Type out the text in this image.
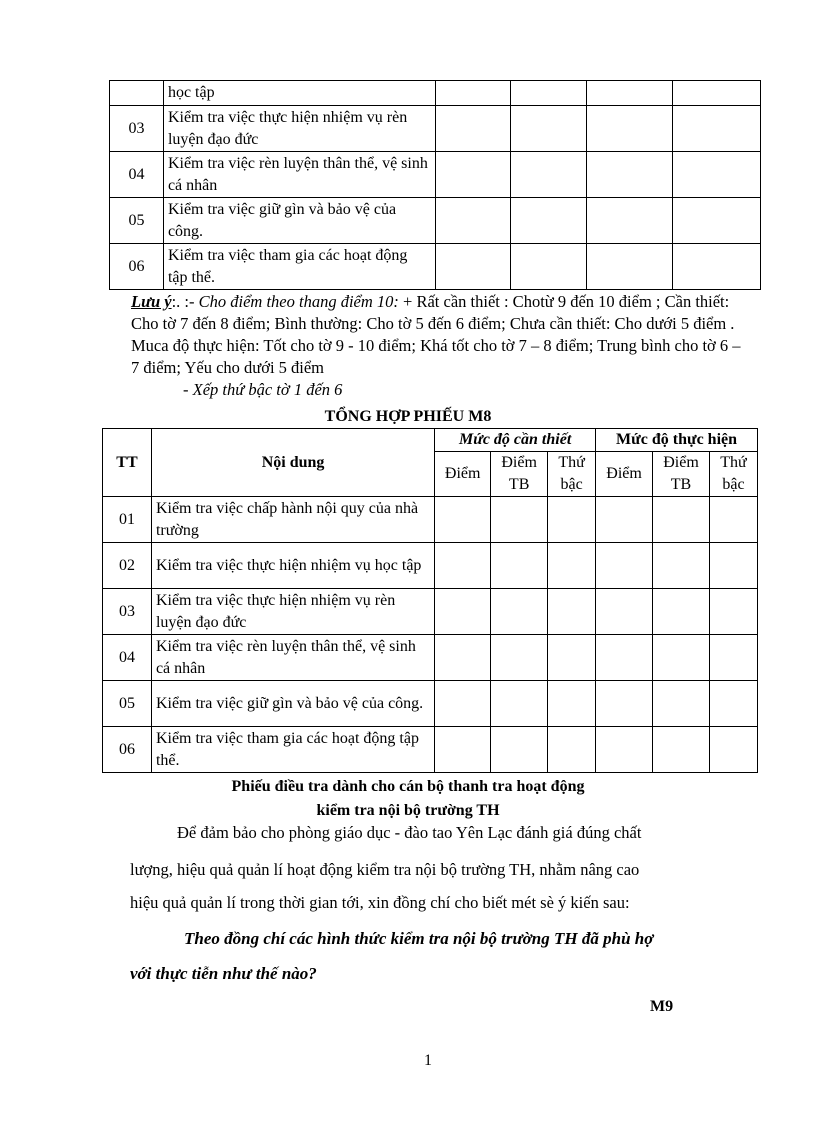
	học tập				
03	Kiểm tra việc thực hiện nhiệm vụ rèn luyện đạo đức				
04	Kiểm tra việc rèn luyện thân thể, vệ sinh cá nhân				
05	Kiểm tra việc giữ gìn và bảo vệ của công.				
06	Kiểm tra việc tham gia các hoạt động tập thể.				
Lưu ý:. :- Cho điểm theo thang điểm 10: + Rất cần thiết : Chotừ 9 đến 10 điểm ; Cần thiết: Cho tờ 7 đến 8 điểm; Bình thường: Cho tờ 5 đến 6 điểm; Chưa cần thiết: Cho dưới 5 điểm . Muca độ thực hiện: Tốt cho tờ 9 - 10 điểm; Khá tốt cho tờ 7 – 8 điểm; Trung bình cho tờ 6 – 7 điểm; Yếu cho dưới 5 điểm
- Xếp thứ bậc tờ 1 đến 6
TỔNG HỢP PHIẾU M8
TT	Nội dung	Mức độ cần thiết			Mức độ thực hiện		
		Điểm	Điểm TB	Thứ bậc	Điểm	Điểm TB	Thứ bậc
01	Kiểm tra việc chấp hành nội quy của nhà trường						
02	Kiểm tra việc thực hiện nhiệm vụ học tập						
03	Kiểm tra việc thực hiện nhiệm vụ rèn luyện đạo đức						
04	Kiểm tra việc rèn luyện thân thể, vệ sinh cá nhân						
05	Kiểm tra việc giữ gìn và bảo vệ của công.						
06	Kiểm tra việc tham gia các hoạt động tập thể.						
Phiếu điều tra dành cho cán bộ thanh tra hoạt động
kiểm tra nội bộ trường TH
Để đảm bảo cho phòng giáo dục - đào tao Yên Lạc đánh giá đúng chất
lượng, hiệu quả quản lí hoạt động kiểm tra nội bộ trường TH, nhằm nâng cao
hiệu quả quản lí trong thời gian tới, xin đồng chí cho biết mét sè ý kiến sau:
Theo đồng chí các hình thức kiểm tra nội bộ trường TH đã phù hợ
với thực tiễn như thế nào?
M9
1
